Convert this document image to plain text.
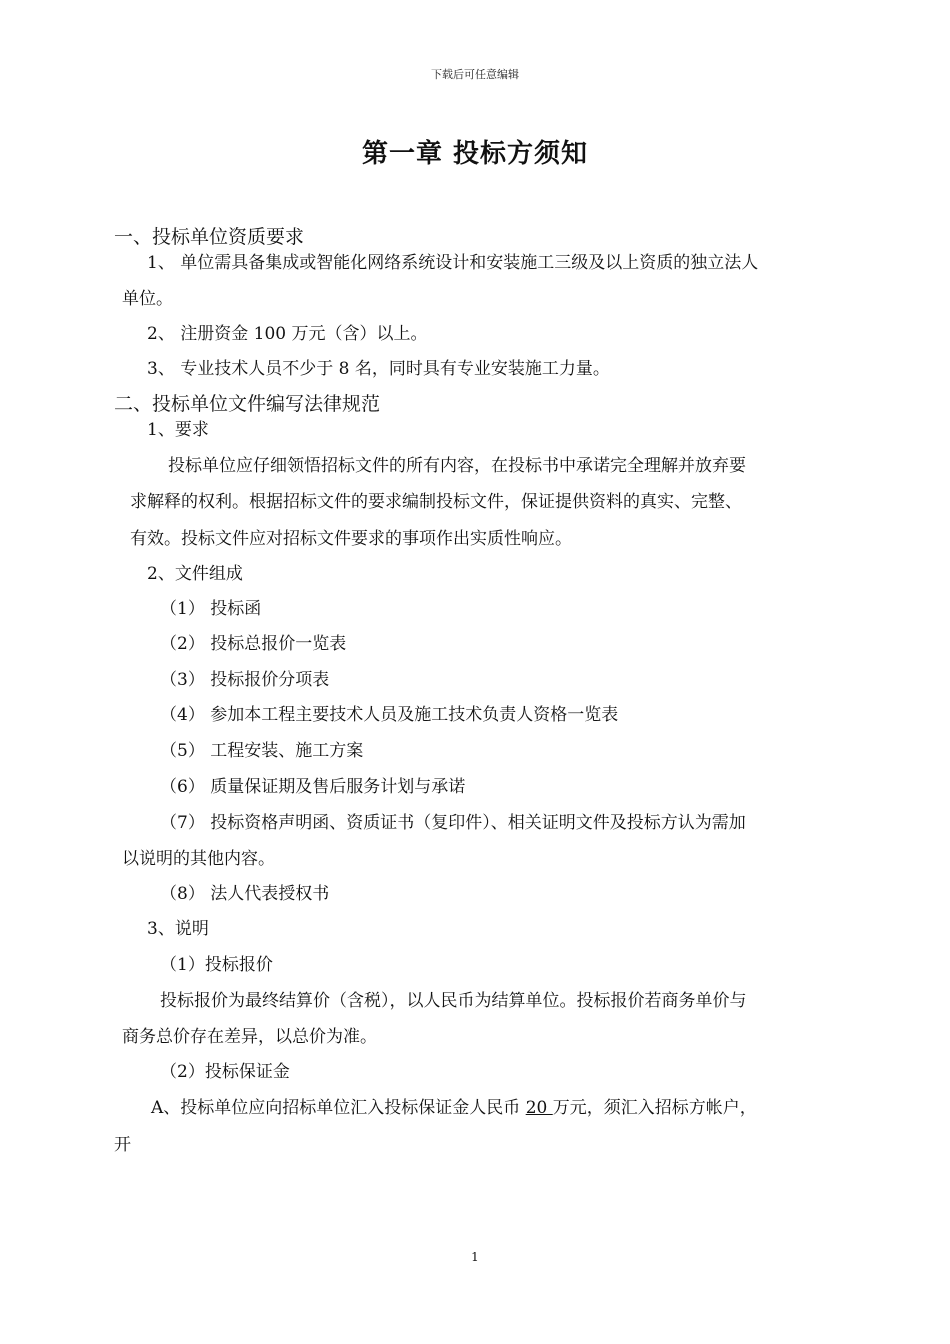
下载后可任意编辑
第一章 投标方须知
一、投标单位资质要求
1、 单位需具备集成或智能化网络系统设计和安装施工三级及以上资质的独立法人
单位。
2、 注册资金 100 万元（含）以上。
3、 专业技术人员不少于 8 名，同时具有专业安装施工力量。
二、投标单位文件编写法律规范
1、要求
投标单位应仔细领悟招标文件的所有内容，在投标书中承诺完全理解并放弃要
求解释的权利。根据招标文件的要求编制投标文件，保证提供资料的真实、完整、
有效。投标文件应对招标文件要求的事项作出实质性响应。
2、文件组成
（1） 投标函
（2） 投标总报价一览表
（3） 投标报价分项表
（4） 参加本工程主要技术人员及施工技术负责人资格一览表
（5） 工程安装、施工方案
（6） 质量保证期及售后服务计划与承诺
（7） 投标资格声明函、资质证书（复印件）、相关证明文件及投标方认为需加
以说明的其他内容。
（8） 法人代表授权书
3、说明
（1）投标报价
投标报价为最终结算价（含税），以人民币为结算单位。投标报价若商务单价与
商务总价存在差异，以总价为准。
（2）投标保证金
A、投标单位应向招标单位汇入投标保证金人民币 20 万元，须汇入招标方帐户，
开
1
